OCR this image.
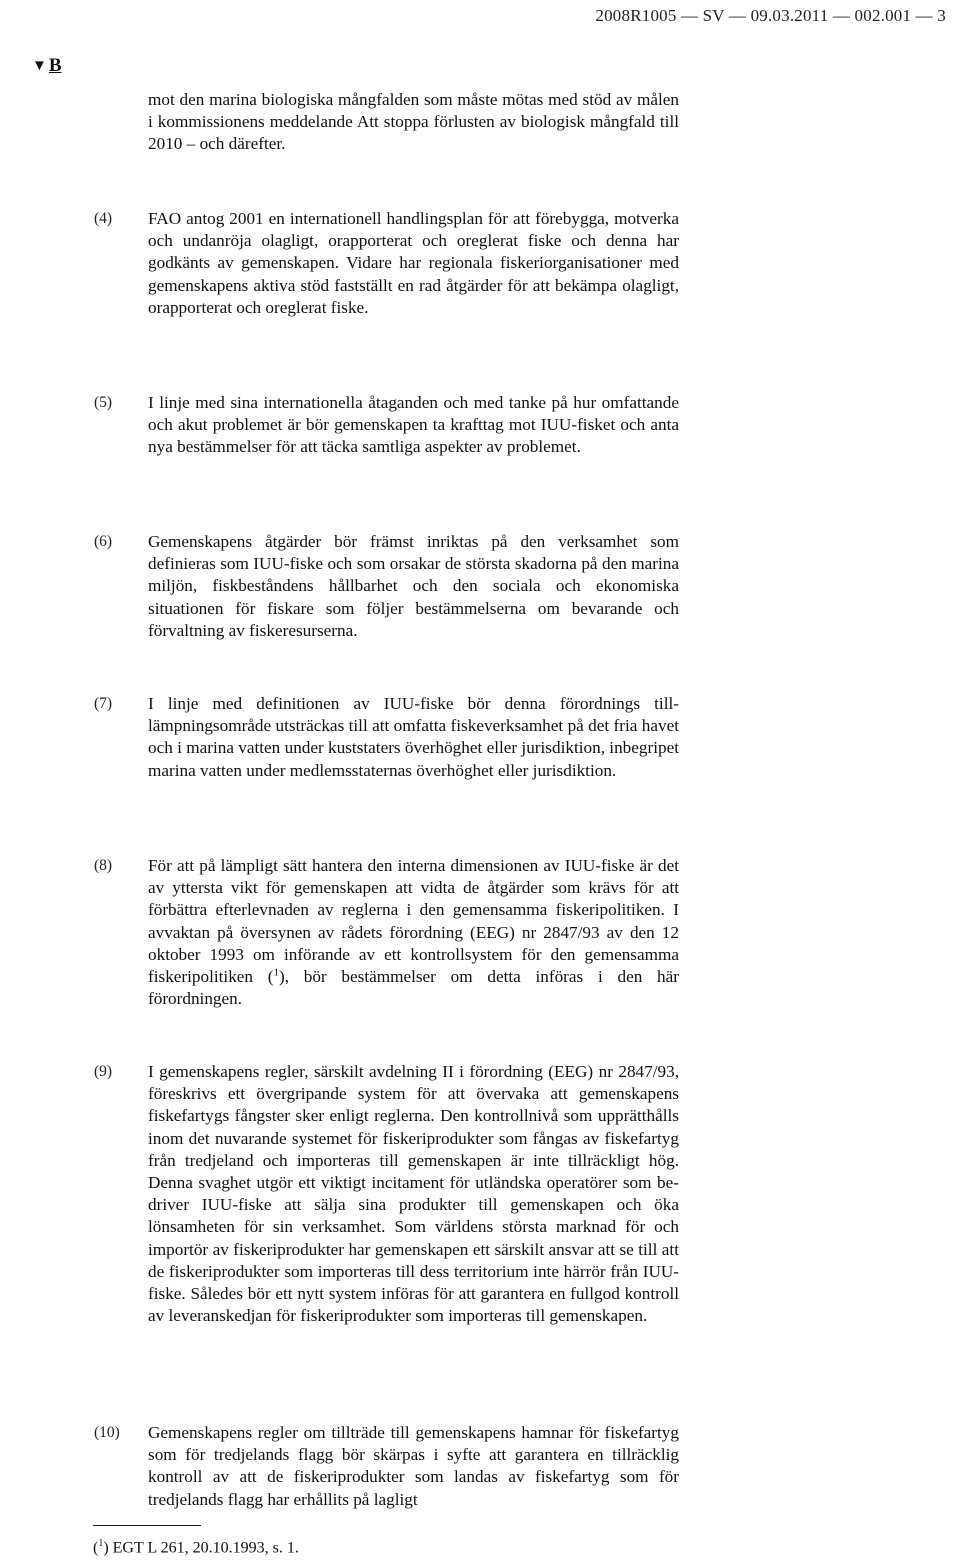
2008R1005 — SV — 09.03.2011 — 002.001 — 3
▼ B
mot den marina biologiska mångfalden som måste mötas med stöd av målen i kommissionens meddelande Att stoppa förlusten av biologisk mångfald till 2010 – och därefter.
(4) FAO antog 2001 en internationell handlingsplan för att förebygga, motverka och undanröja olagligt, orapporterat och oreglerat fiske och denna har godkänts av gemenskapen. Vidare har regionala fiskeriorganisationer med gemenskapens aktiva stöd fastställt en rad åtgärder för att bekämpa olagligt, orapporterat och oreglerat fiske.
(5) I linje med sina internationella åtaganden och med tanke på hur omfattande och akut problemet är bör gemenskapen ta krafttag mot IUU-fisket och anta nya bestämmelser för att täcka samtliga aspekter av problemet.
(6) Gemenskapens åtgärder bör främst inriktas på den verksamhet som definieras som IUU-fiske och som orsakar de största skadorna på den marina miljön, fiskbeståndens hållbarhet och den sociala och ekonomiska situationen för fiskare som följer bestämmelserna om bevarande och förvaltning av fiskeresurserna.
(7) I linje med definitionen av IUU-fiske bör denna förordnings tilllämpningsområde utsträckas till att omfatta fiskeverksamhet på det fria havet och i marina vatten under kuststaters överhöghet eller jurisdiktion, inbegripet marina vatten under medlemsstaternas överhöghet eller jurisdiktion.
(8) För att på lämpligt sätt hantera den interna dimensionen av IUU-fiske är det av yttersta vikt för gemenskapen att vidta de åtgärder som krävs för att förbättra efterlevnaden av reglerna i den gemensamma fiskeripolitiken. I avvaktan på översynen av rådets förordning (EEG) nr 2847/93 av den 12 oktober 1993 om införande av ett kontrollsystem för den gemensamma fiskeripolitiken ($^1$), bör bestämmelser om detta införas i den här förordningen.
(9) I gemenskapens regler, särskilt avdelning II i förordning (EEG) nr 2847/93, föreskrivs ett övergripande system för att övervaka att gemenskapens fiskefartygs fångster sker enligt reglerna. Den kontrollnivå som upprätthålls inom det nuvarande systemet för fiskeriprodukter som fångas av fiskefartyg från tredjeland och importeras till gemenskapen är inte tillräckligt hög. Denna svaghet utgör ett viktigt incitament för utländska operatörer som bedriver IUU-fiske att sälja sina produkter till gemenskapen och öka lönsamheten för sin verksamhet. Som världens största marknad för och importör av fiskeriprodukter har gemenskapen ett särskilt ansvar att se till att de fiskeriprodukter som importeras till dess territorium inte härrör från IUU-fiske. Således bör ett nytt system införas för att garantera en fullgod kontroll av leveranskedjan för fiskeriprodukter som importeras till gemenskapen.
(10) Gemenskapens regler om tillträde till gemenskapens hamnar för fiskefartyg som för tredjelands flagg bör skärpas i syfte att garantera en tillräcklig kontroll av att de fiskeriprodukter som landas av fiskefartyg som för tredjelands flagg har erhållits på lagligt
($^1$) EGT L 261, 20.10.1993, s. 1.
